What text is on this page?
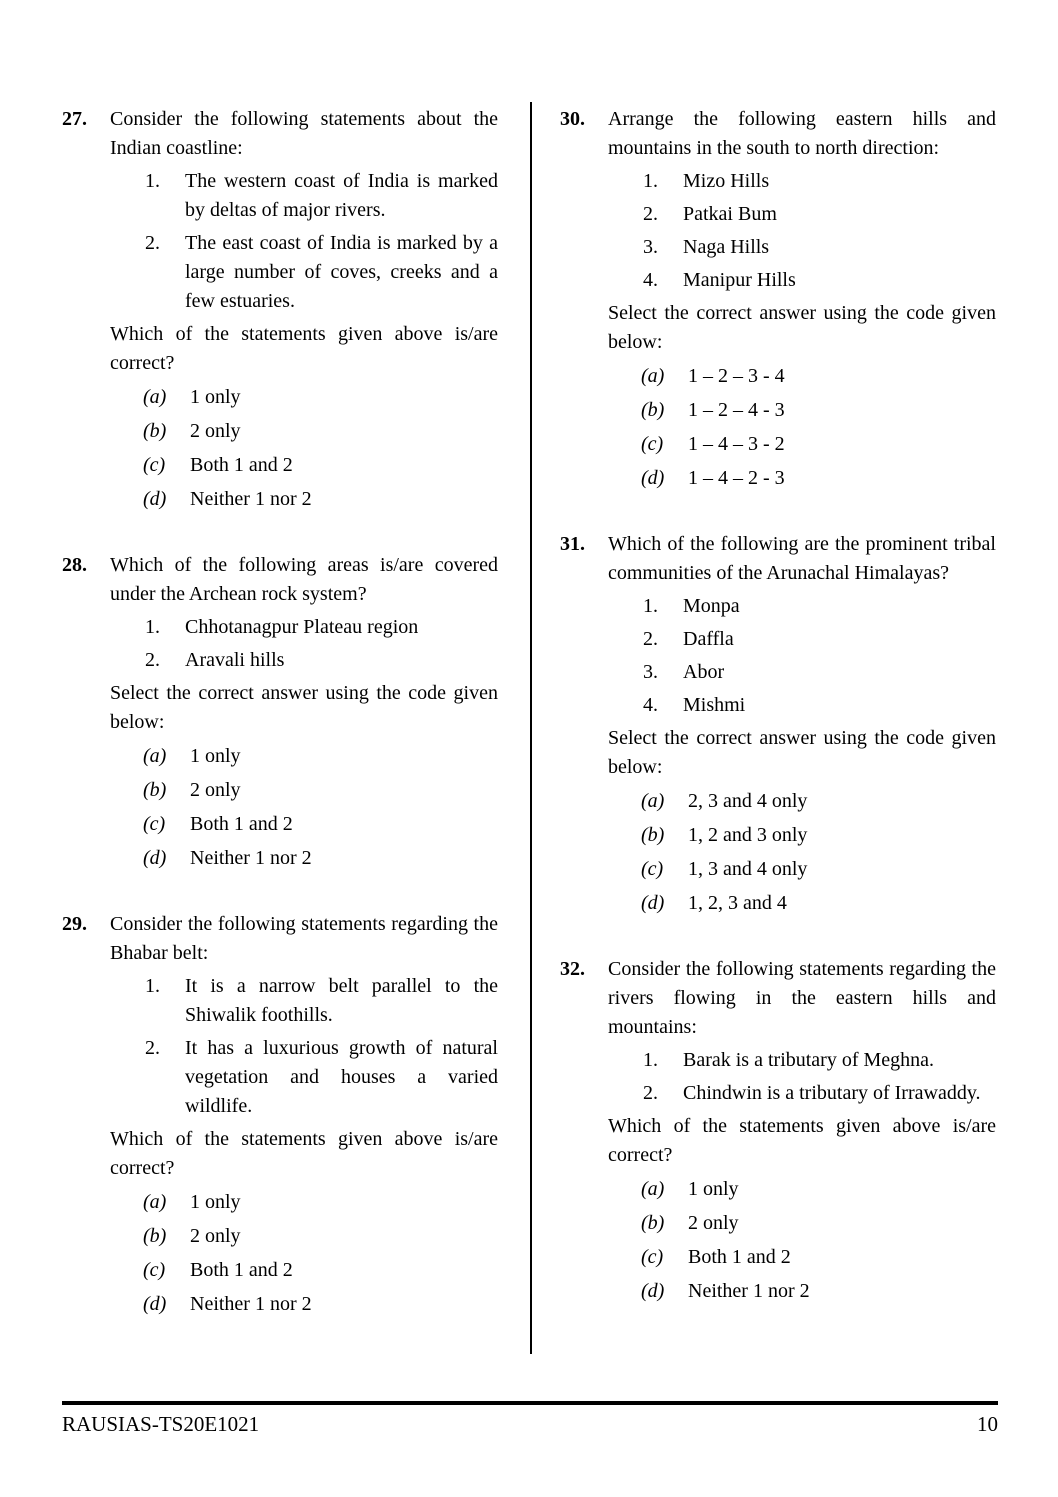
27.	Consider the following statements about the Indian coastline:

1.	The western coast of India is marked by deltas of major rivers.
2.	The east coast of India is marked by a large number of coves, creeks and a few estuaries.

Which of the statements given above is/are correct?

(a)	1 only
(b)	2 only
(c)	Both 1 and 2
(d)	Neither 1 nor 2
28.	Which of the following areas is/are covered under the Archean rock system?

1.	Chhotanagpur Plateau region
2.	Aravali hills

Select the correct answer using the code given below:

(a)	1 only
(b)	2 only
(c)	Both 1 and 2
(d)	Neither 1 nor 2
29.	Consider the following statements regarding the Bhabar belt:

1.	It is a narrow belt parallel to the Shiwalik foothills.
2.	It has a luxurious growth of natural vegetation and houses a varied wildlife.

Which of the statements given above is/are correct?

(a)	1 only
(b)	2 only
(c)	Both 1 and 2
(d)	Neither 1 nor 2
30.	Arrange the following eastern hills and mountains in the south to north direction:

1.	Mizo Hills
2.	Patkai Bum
3.	Naga Hills
4.	Manipur Hills

Select the correct answer using the code given below:

(a)	1 – 2 – 3 - 4
(b)	1 – 2 – 4 - 3
(c)	1 – 4 – 3 - 2
(d)	1 – 4 – 2 - 3
31.	Which of the following are the prominent tribal communities of the Arunachal Himalayas?

1.	Monpa
2.	Daffla
3.	Abor
4.	Mishmi

Select the correct answer using the code given below:

(a)	2, 3 and 4 only
(b)	1, 2 and 3 only
(c)	1, 3 and 4 only
(d)	1, 2, 3 and 4
32.	Consider the following statements regarding the rivers flowing in the eastern hills and mountains:

1.	Barak is a tributary of Meghna.
2.	Chindwin is a tributary of Irrawaddy.

Which of the statements given above is/are correct?

(a)	1 only
(b)	2 only
(c)	Both 1 and 2
(d)	Neither 1 nor 2
RAUSIAS-TS20E1021	10
